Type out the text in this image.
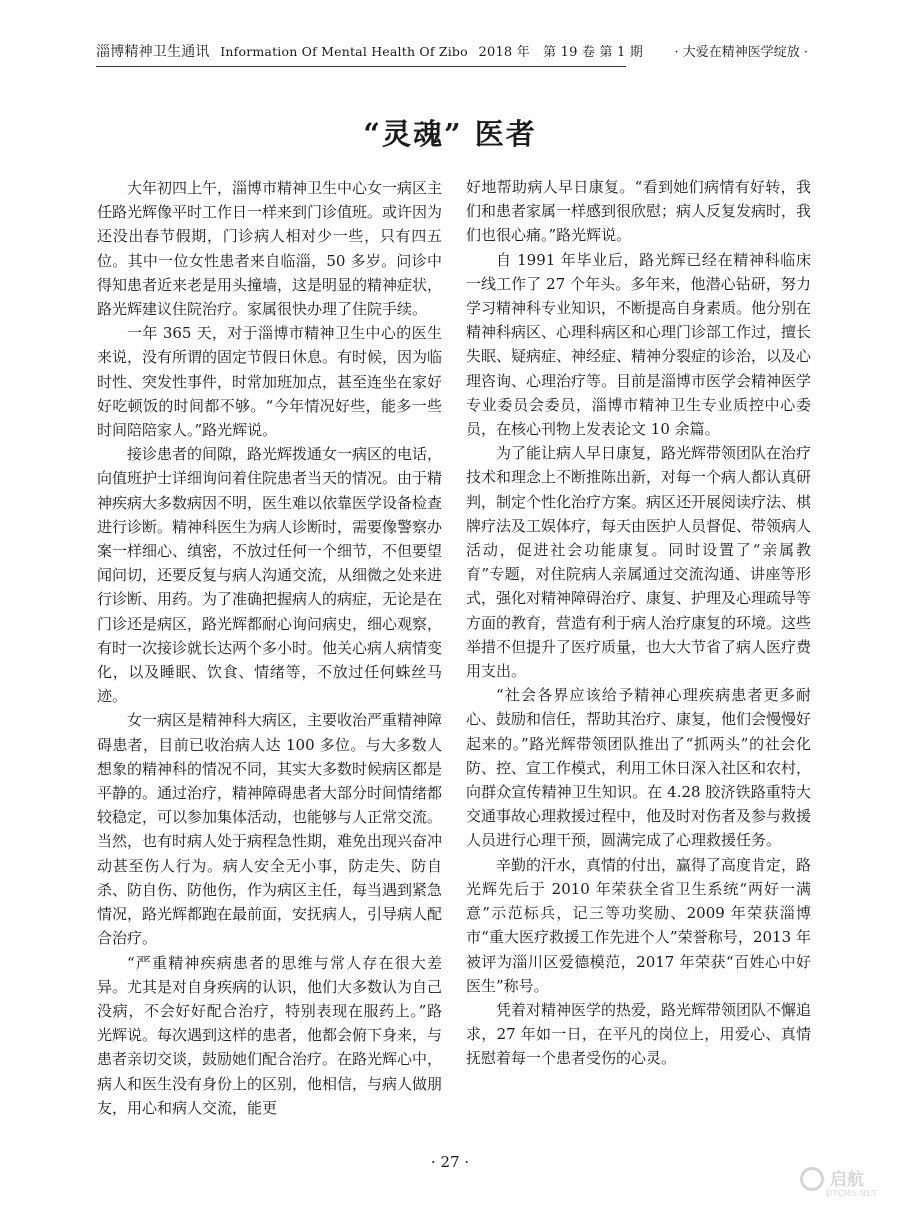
淄博精神卫生通讯 Information Of Mental Health Of Zibo 2018 年　第 19 卷 第 1 期 · 大爱在精神医学绽放 ·
“灵魂” 医者

大年初四上午，淄博市精神卫生中心女一病区主任路光辉像平时工作日一样来到门诊值班。或许因为还没出春节假期，门诊病人相对少一些，只有四五位。其中一位女性患者来自临淄，50 多岁。问诊中得知患者近来老是用头撞墙，这是明显的精神症状，路光辉建议住院治疗。家属很快办理了住院手续。

一年 365 天，对于淄博市精神卫生中心的医生来说，没有所谓的固定节假日休息。有时候，因为临时性、突发性事件，时常加班加点，甚至连坐在家好好吃顿饭的时间都不够。“今年情况好些，能多一些时间陪陪家人。”路光辉说。

接诊患者的间隙，路光辉拨通女一病区的电话，向值班护士详细询问着住院患者当天的情况。由于精神疾病大多数病因不明，医生难以依靠医学设备检查进行诊断。精神科医生为病人诊断时，需要像警察办案一样细心、缜密，不放过任何一个细节，不但要望闻问切，还要反复与病人沟通交流，从细微之处来进行诊断、用药。为了准确把握病人的病症，无论是在门诊还是病区，路光辉都耐心询问病史，细心观察，有时一次接诊就长达两个多小时。他关心病人病情变化，以及睡眠、饮食、情绪等，不放过任何蛛丝马迹。

女一病区是精神科大病区，主要收治严重精神障碍患者，目前已收治病人达 100 多位。与大多数人想象的精神科的情况不同，其实大多数时候病区都是平静的。通过治疗，精神障碍患者大部分时间情绪都较稳定，可以参加集体活动，也能够与人正常交流。当然，也有时病人处于病程急性期，难免出现兴奋冲动甚至伤人行为。病人安全无小事，防走失、防自杀、防自伤、防他伤，作为病区主任，每当遇到紧急情况，路光辉都跑在最前面，安抚病人，引导病人配合治疗。

“严重精神疾病患者的思维与常人存在很大差异。尤其是对自身疾病的认识，他们大多数认为自己没病，不会好好配合治疗，特别表现在服药上。”路光辉说。每次遇到这样的患者，他都会俯下身来，与患者亲切交谈，鼓励她们配合治疗。在路光辉心中，病人和医生没有身份上的区别，他相信，与病人做朋友，用心和病人交流，能更

好地帮助病人早日康复。“看到她们病情有好转，我们和患者家属一样感到很欣慰；病人反复发病时，我们也很心痛。”路光辉说。

自 1991 年毕业后，路光辉已经在精神科临床一线工作了 27 个年头。多年来，他潜心钻研，努力学习精神科专业知识，不断提高自身素质。他分别在精神科病区、心理科病区和心理门诊部工作过，擅长失眠、疑病症、神经症、精神分裂症的诊治，以及心理咨询、心理治疗等。目前是淄博市医学会精神医学专业委员会委员，淄博市精神卫生专业质控中心委员，在核心刊物上发表论文 10 余篇。

为了能让病人早日康复，路光辉带领团队在治疗技术和理念上不断推陈出新，对每一个病人都认真研判，制定个性化治疗方案。病区还开展阅读疗法、棋牌疗法及工娱体疗，每天由医护人员督促、带领病人活动，促进社会功能康复。同时设置了“亲属教育”专题，对住院病人亲属通过交流沟通、讲座等形式，强化对精神障碍治疗、康复、护理及心理疏导等方面的教育，营造有利于病人治疗康复的环境。这些举措不但提升了医疗质量，也大大节省了病人医疗费用支出。

“社会各界应该给予精神心理疾病患者更多耐心、鼓励和信任，帮助其治疗、康复，他们会慢慢好起来的。”路光辉带领团队推出了“抓两头”的社会化防、控、宣工作模式，利用工休日深入社区和农村，向群众宣传精神卫生知识。在 4.28 胶济铁路重特大交通事故心理救援过程中，他及时对伤者及参与救援人员进行心理干预，圆满完成了心理救援任务。

辛勤的汗水，真情的付出，赢得了高度肯定，路光辉先后于 2010 年荣获全省卫生系统“两好一满意”示范标兵，记三等功奖励、2009 年荣获淄博市“重大医疗救援工作先进个人”荣誉称号，2013 年被评为淄川区爱德模范，2017 年荣获“百姓心中好医生”称号。

凭着对精神医学的热爱，路光辉带领团队不懈追求，27 年如一日，在平凡的岗位上，用爱心、真情抚慰着每一个患者受伤的心灵。

· 27 ·
启航
DTCMS.NET
